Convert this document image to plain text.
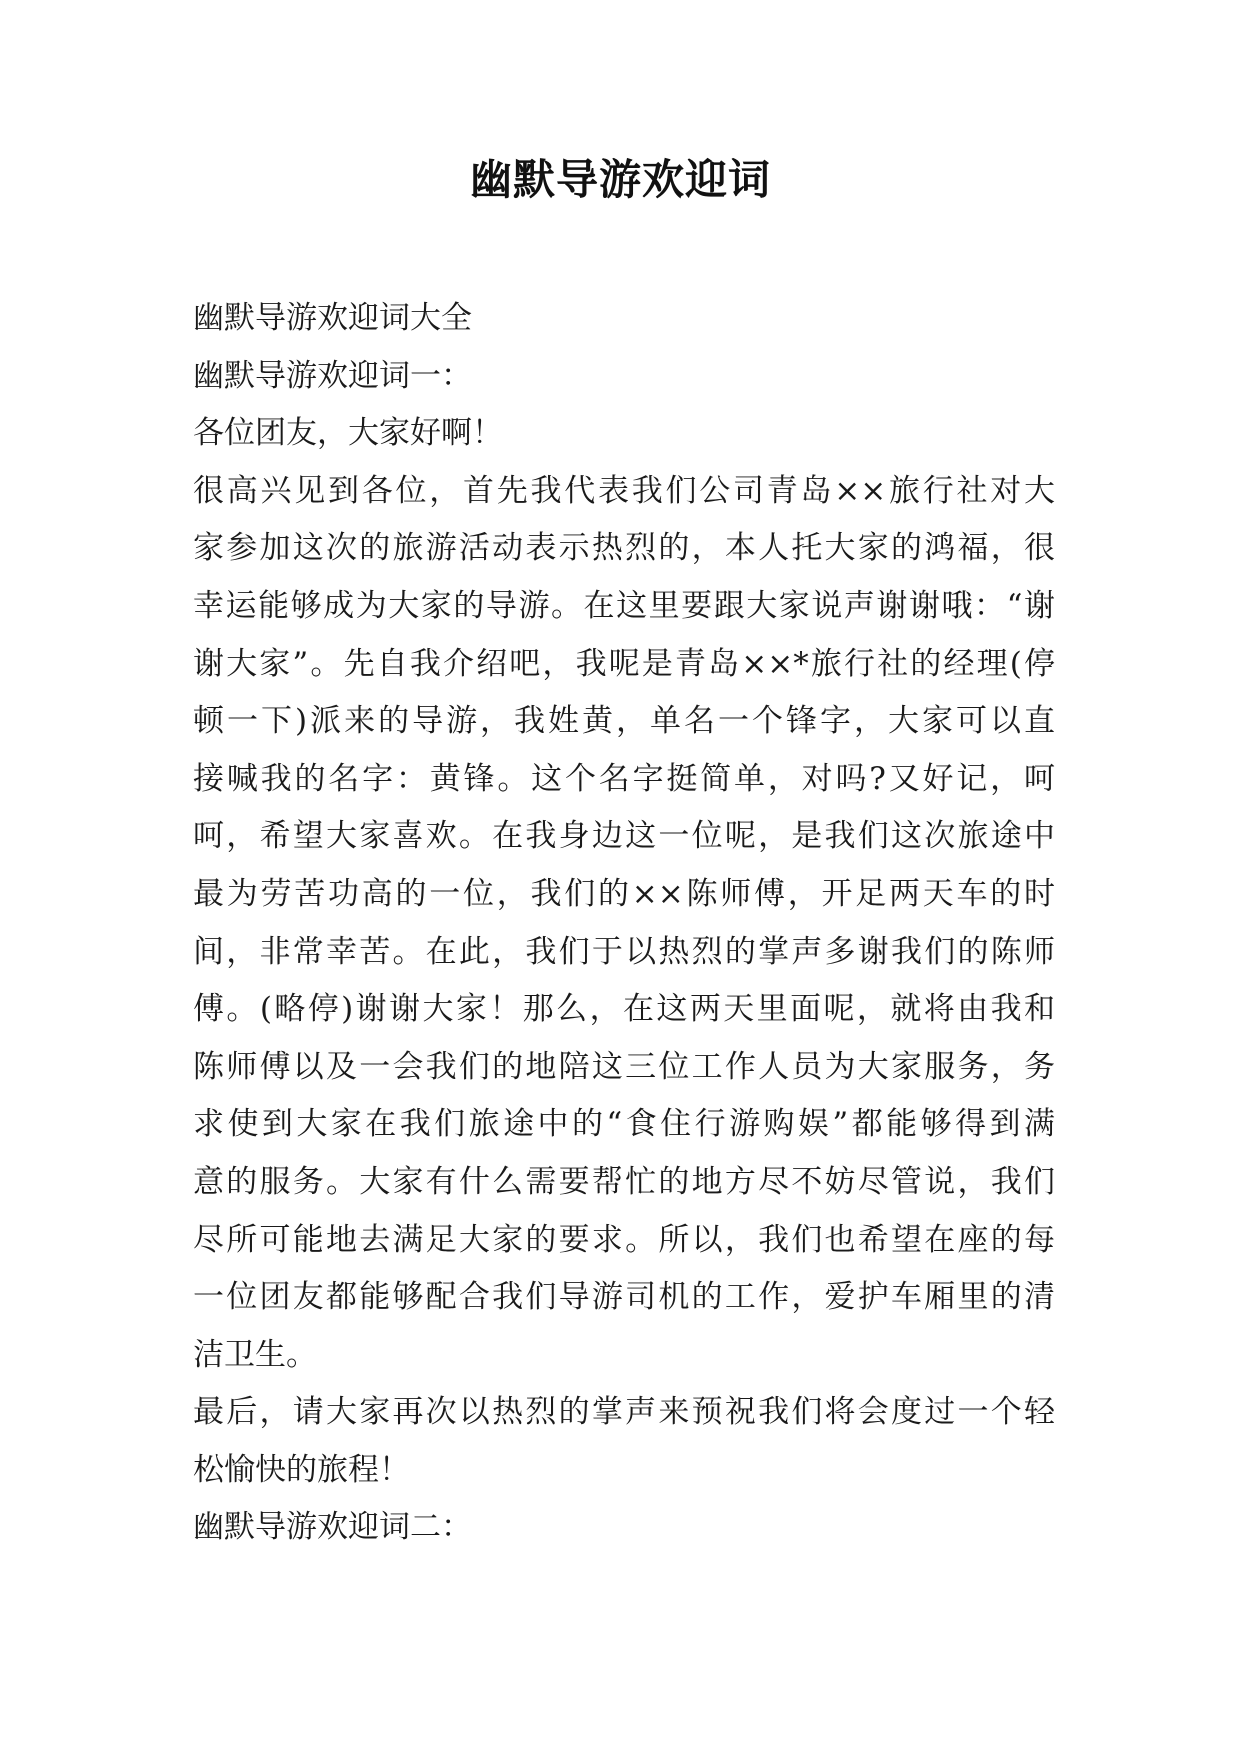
幽默导游欢迎词
幽默导游欢迎词大全
幽默导游欢迎词一：
各位团友，大家好啊！
很高兴见到各位，首先我代表我们公司青岛××旅行社对大
家参加这次的旅游活动表示热烈的，本人托大家的鸿福，很
幸运能够成为大家的导游。在这里要跟大家说声谢谢哦：“谢
谢大家”。先自我介绍吧，我呢是青岛××*旅行社的经理(停
顿一下)派来的导游，我姓黄，单名一个锋字，大家可以直
接喊我的名字：黄锋。这个名字挺简单，对吗?又好记，呵
呵，希望大家喜欢。在我身边这一位呢，是我们这次旅途中
最为劳苦功高的一位，我们的××陈师傅，开足两天车的时
间，非常幸苦。在此，我们于以热烈的掌声多谢我们的陈师
傅。(略停)谢谢大家！那么，在这两天里面呢，就将由我和
陈师傅以及一会我们的地陪这三位工作人员为大家服务，务
求使到大家在我们旅途中的“食住行游购娱”都能够得到满
意的服务。大家有什么需要帮忙的地方尽不妨尽管说，我们
尽所可能地去满足大家的要求。所以，我们也希望在座的每
一位团友都能够配合我们导游司机的工作，爱护车厢里的清
洁卫生。
最后，请大家再次以热烈的掌声来预祝我们将会度过一个轻
松愉快的旅程！
幽默导游欢迎词二：
